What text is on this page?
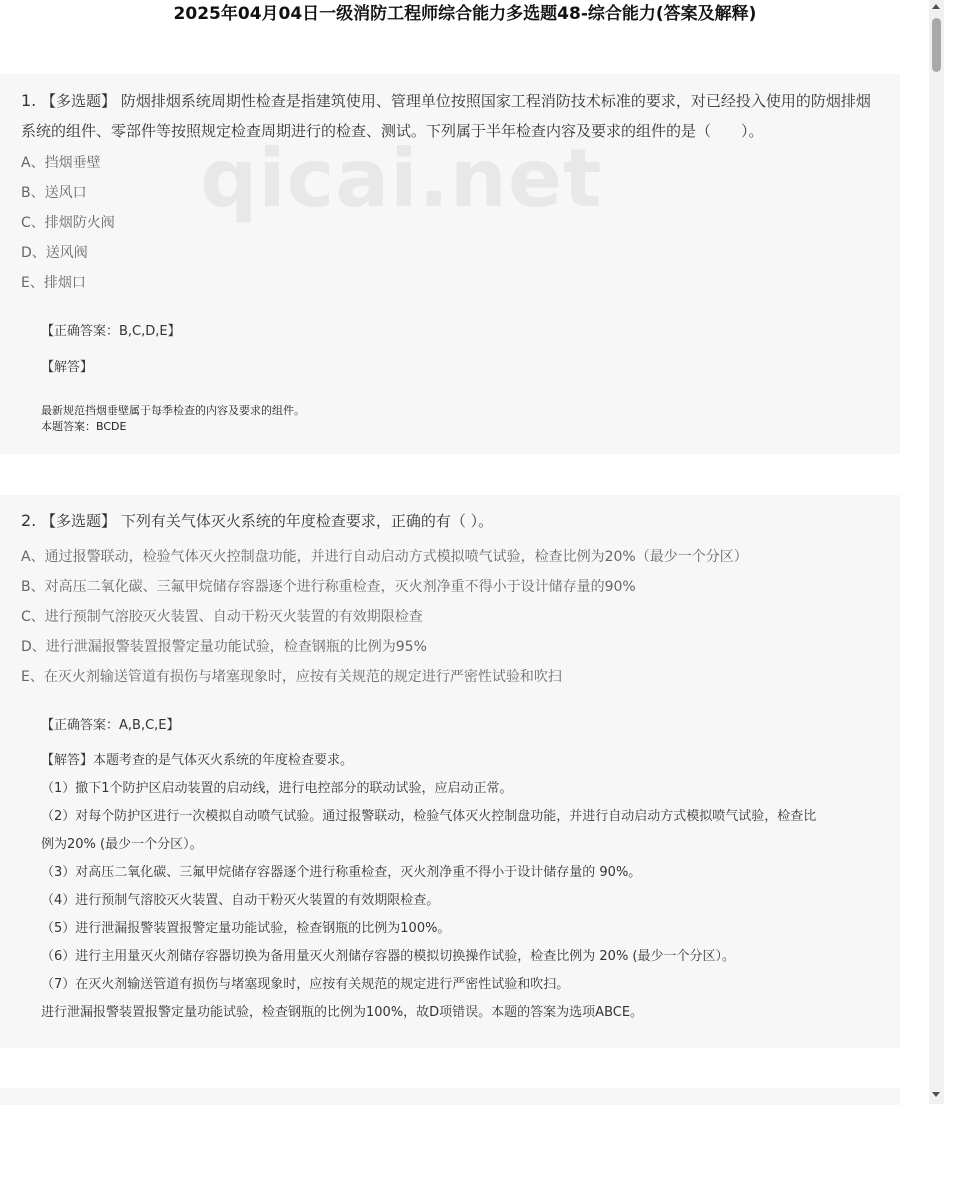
2025年04月04日一级消防工程师综合能力多选题48-综合能力(答案及解释)
1. 【多选题】 防烟排烟系统周期性检查是指建筑使用、管理单位按照国家工程消防技术标准的要求，对已经投入使用的防烟排烟系统的组件、零部件等按照规定检查周期进行的检查、测试。下列属于半年检查内容及要求的组件的是（　　）。
A、挡烟垂壁
B、送风口
C、排烟防火阀
D、送风阀
E、排烟口
【正确答案：B,C,D,E】
【解答】
最新规范挡烟垂壁属于每季检查的内容及要求的组件。
本题答案：BCDE
qicai.net
2. 【多选题】 下列有关气体灭火系统的年度检查要求，正确的有（ ）。
A、通过报警联动，检验气体灭火控制盘功能，并进行自动启动方式模拟喷气试验，检查比例为20%（最少一个分区）
B、对高压二氧化碳、三氟甲烷储存容器逐个进行称重检查，灭火剂净重不得小于设计储存量的90%
C、进行预制气溶胶灭火装置、自动干粉灭火装置的有效期限检查
D、进行泄漏报警装置报警定量功能试验，检查钢瓶的比例为95%
E、在灭火剂输送管道有损伤与堵塞现象时，应按有关规范的规定进行严密性试验和吹扫
【正确答案：A,B,C,E】
【解答】本题考查的是气体灭火系统的年度检查要求。
（1）撤下1个防护区启动装置的启动线，进行电控部分的联动试验，应启动正常。
（2）对每个防护区进行一次模拟自动喷气试验。通过报警联动，检验气体灭火控制盘功能，并进行自动启动方式模拟喷气试验，检查比
例为20% (最少一个分区）。
（3）对高压二氧化碳、三氟甲烷储存容器逐个进行称重检查，灭火剂净重不得小于设计储存量的 90%。
（4）进行预制气溶胶灭火装置、自动干粉灭火装置的有效期限检查。
（5）进行泄漏报警装置报警定量功能试验，检查钢瓶的比例为100%。
（6）进行主用量灭火剂储存容器切换为备用量灭火剂储存容器的模拟切换操作试验，检查比例为 20% (最少一个分区）。
（7）在灭火剂输送管道有损伤与堵塞现象时，应按有关规范的规定进行严密性试验和吹扫。
进行泄漏报警装置报警定量功能试验，检查钢瓶的比例为100%，故D项错误。本题的答案为选项ABCE。
